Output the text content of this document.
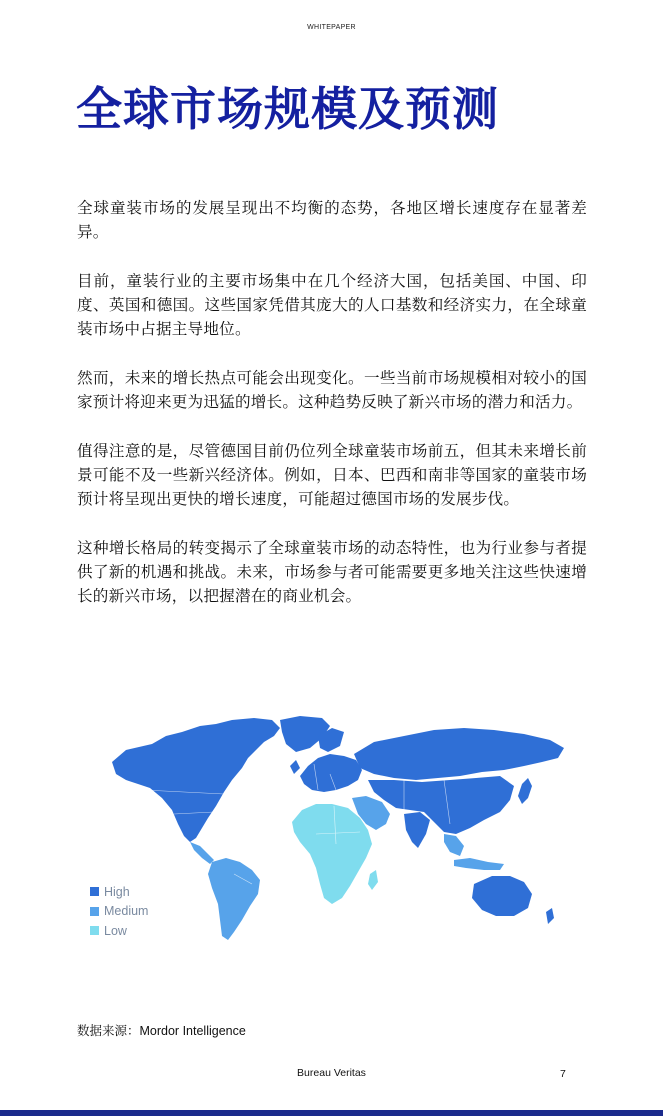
WHITEPAPER
全球市场规模及预测

全球童装市场的发展呈现出不均衡的态势，各地区增长速度存在显著差异。

目前，童装行业的主要市场集中在几个经济大国，包括美国、中国、印度、英国和德国。这些国家凭借其庞大的人口基数和经济实力，在全球童装市场中占据主导地位。

然而，未来的增长热点可能会出现变化。一些当前市场规模相对较小的国家预计将迎来更为迅猛的增长。这种趋势反映了新兴市场的潜力和活力。

值得注意的是，尽管德国目前仍位列全球童装市场前五，但其未来增长前景可能不及一些新兴经济体。例如，日本、巴西和南非等国家的童装市场预计将呈现出更快的增长速度，可能超过德国市场的发展步伐。

这种增长格局的转变揭示了全球童装市场的动态特性，也为行业参与者提供了新的机遇和挑战。未来，市场参与者可能需要更多地关注这些快速增长的新兴市场，以把握潜在的商业机会。

High
Medium
Low
数据来源：Mordor Intelligence
Bureau Veritas	7
